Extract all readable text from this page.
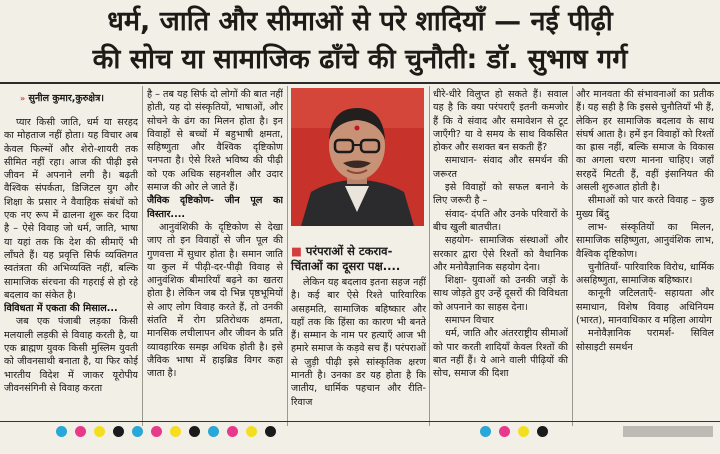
धर्म, जाति और सीमाओं से परे शादियाँ — नई पीढ़ी
की सोच या सामाजिक ढाँचे की चुनौती: डॉ. सुभाष गर्ग
» सुनील कुमार,कुरुक्षेत्र।

प्यार किसी जाति, धर्म या सरहद का मोहताज नहीं होता। यह विचार अब केवल फिल्मों और शेरो-शायरी तक सीमित नहीं रहा। आज की पीढ़ी इसे जीवन में अपनाने लगी है। बढ़ती वैश्विक संपर्कता, डिजिटल युग और शिक्षा के प्रसार ने वैवाहिक संबंधों को एक नए रूप में ढालना शुरू कर दिया है – ऐसे विवाह जो धर्म, जाति, भाषा या यहां तक कि देश की सीमाएँ भी लाँघते हैं। यह प्रवृत्ति सिर्फ व्यक्तिगत स्वतंत्रता की अभिव्यक्ति नहीं, बल्कि सामाजिक संरचना की गहराई से हो रहे बदलाव का संकेत है।

विविधता में एकता की मिसाल...

जब एक पंजाबी लड़का किसी मलयाली लड़की से विवाह करती है, या एक ब्राह्मण युवक किसी मुस्लिम युवती को जीवनसाथी बनाता है, या फिर कोई भारतीय विदेश में जाकर यूरोपीय जीवनसंगिनी से विवाह करता

है – तब यह सिर्फ दो लोगों की बात नहीं होती, यह दो संस्कृतियों, भाषाओं, और सोचने के ढंग का मिलन होता है। इन विवाहों से बच्चों में बहुभाषी क्षमता, सहिष्णुता और वैश्विक दृष्टिकोण पनपता है। ऐसे रिश्ते भविष्य की पीढ़ी को एक अधिक सहनशील और उदार समाज की ओर ले जाते हैं।

जैविक दृष्टिकोण- जीन पूल का विस्तार....

आनुवंशिकी के दृष्टिकोण से देखा जाए तो इन विवाहों से जीन पूल की गुणवत्ता में सुधार होता है। समान जाति या कुल में पीढ़ी-दर-पीढ़ी विवाह से आनुवंशिक बीमारियाँ बढ़ने का खतरा होता है। लेकिन जब दो भिन्न पृष्ठभूमियों से आए लोग विवाह करते हैं, तो उनकी संतति में रोग प्रतिरोधक क्षमता, मानसिक लचीलापन और जीवन के प्रति व्यावहारिक समझ अधिक होती है। इसे जैविक भाषा में हाइब्रिड विगर कहा जाता है।

■ परंपराओं से टकराव- चिंताओं का दूसरा पक्ष....

लेकिन यह बदलाव इतना सहज नहीं है। कई बार ऐसे रिश्ते पारिवारिक असहमति, सामाजिक बहिष्कार और यहाँ तक कि हिंसा का कारण भी बनते हैं। सम्मान के नाम पर हत्याएँ आज भी हमारे समाज के कड़वे सच हैं। परंपराओं से जुड़ी पीढ़ी इसे सांस्कृतिक क्षरण मानती है। उनका डर यह होता है कि जातीय, धार्मिक पहचान और रीति-रिवाज

धीरे-धीरे विलुप्त हो सकते हैं। सवाल यह है कि क्या परंपराएँ इतनी कमजोर हैं कि वे संवाद और समावेशन से टूट जाएँगी? या वे समय के साथ विकसित होकर और सशक्त बन सकती हैं?

समाधान- संवाद और समर्थन की जरूरत

इसे विवाहों को सफल बनाने के लिए जरूरी है –

संवाद- दंपति और उनके परिवारों के बीच खुली बातचीत।

सहयोग- सामाजिक संस्थाओं और सरकार द्वारा ऐसे रिश्तों को वैधानिक और मनोवैज्ञानिक सहयोग देना।

शिक्षा- युवाओं को उनकी जड़ों के साथ जोड़ते हुए उन्हें दूसरों की विविधता को अपनाने का साहस देना।

समापन विचार

धर्म, जाति और अंतरराष्ट्रीय सीमाओं को पार करती शादियाँ केवल रिश्तों की बात नहीं हैं। ये आने वाली पीढ़ियों की सोच, समाज की दिशा

और मानवता की संभावनाओं का प्रतीक हैं। यह सही है कि इससे चुनौतियाँ भी हैं, लेकिन हर सामाजिक बदलाव के साथ संघर्ष आता है। हमें इन विवाहों को रिश्तों का ह्रास नहीं, बल्कि समाज के विकास का अगला चरण मानना चाहिए। जहाँ सरहदें मिटती हैं, वहीं इंसानियत की असली शुरुआत होती है।

सीमाओं को पार करते विवाह – कुछ मुख्य बिंदु

लाभ- संस्कृतियों का मिलन, सामाजिक सहिष्णुता, आनुवंशिक लाभ, वैश्विक दृष्टिकोण।

चुनौतियाँ- पारिवारिक विरोध, धार्मिक असहिष्णुता, सामाजिक बहिष्कार।

कानूनी जटिलताएँ- सहायता और समाधान, विशेष विवाह अधिनियम (भारत), मानवाधिकार व महिला आयोग

मनोवैज्ञानिक परामर्श- सिविल सोसाइटी समर्थन
